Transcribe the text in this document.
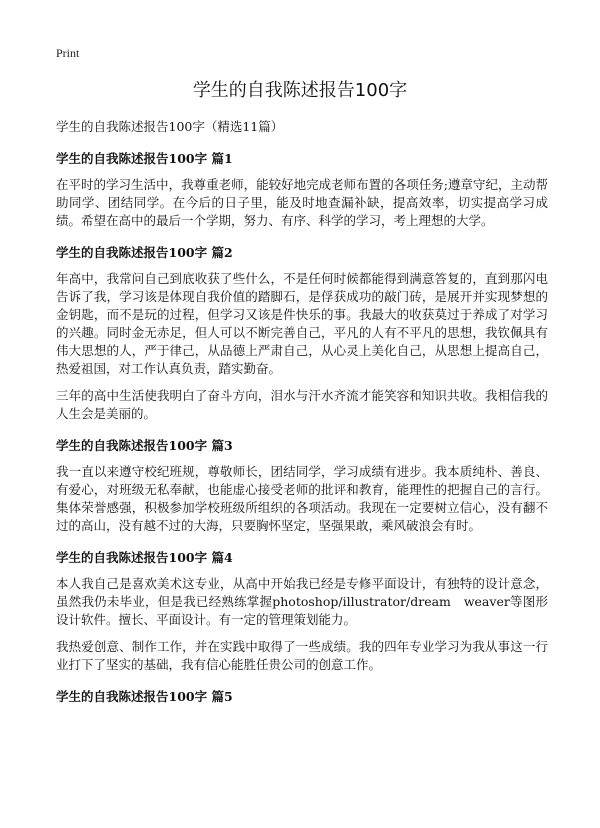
Print
学生的自我陈述报告100字

学生的自我陈述报告100字（精选11篇）

学生的自我陈述报告100字 篇1

在平时的学习生活中，我尊重老师，能较好地完成老师布置的各项任务;遵章守纪，主动帮助同学、团结同学。在今后的日子里，能及时地查漏补缺，提高效率，切实提高学习成绩。希望在高中的最后一个学期，努力、有序、科学的学习，考上理想的大学。

学生的自我陈述报告100字 篇2

年高中，我常问自己到底收获了些什么，不是任何时候都能得到满意答复的，直到那闪电告诉了我，学习该是体现自我价值的踏脚石，是俘获成功的敲门砖，是展开并实现梦想的金钥匙，而不是玩的过程，但学习又该是件快乐的事。我最大的收获莫过于养成了对学习的兴趣。同时金无赤足，但人可以不断完善自己，平凡的人有不平凡的思想，我钦佩具有伟大思想的人，严于律己，从品德上严肃自己，从心灵上美化自己，从思想上提高自己，热爱祖国，对工作认真负责，踏实勤奋。

三年的高中生活使我明白了奋斗方向，泪水与汗水齐流才能笑容和知识共收。我相信我的人生会是美丽的。

学生的自我陈述报告100字 篇3

我一直以来遵守校纪班规，尊敬师长，团结同学，学习成绩有进步。我本质纯朴、善良、有爱心，对班级无私奉献，也能虚心接受老师的批评和教育，能理性的把握自己的言行。集体荣誉感强，积极参加学校班级所组织的各项活动。我现在一定要树立信心，没有翻不过的高山，没有越不过的大海，只要胸怀坚定，坚强果敢，乘风破浪会有时。

学生的自我陈述报告100字 篇4

本人我自己是喜欢美术这专业，从高中开始我已经是专修平面设计，有独特的设计意念，虽然我仍未毕业，但是我已经熟练掌握photoshop/illustrator/dream　weaver等图形设计软件。擅长、平面设计。有一定的管理策划能力。

我热爱创意、制作工作，并在实践中取得了一些成绩。我的四年专业学习为我从事这一行业打下了坚实的基础，我有信心能胜任贵公司的创意工作。

学生的自我陈述报告100字 篇5
